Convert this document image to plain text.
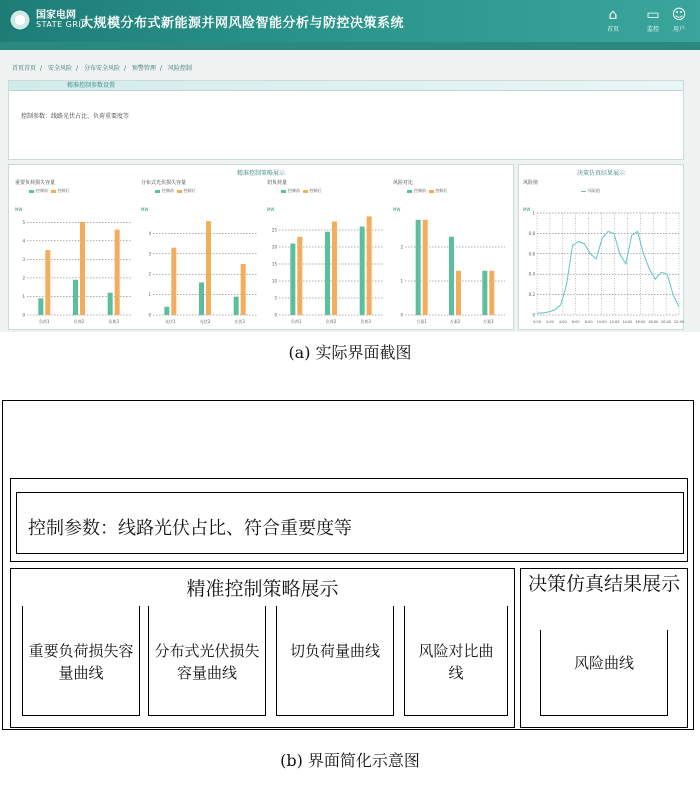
国家电网
STATE GRID
大规模分布式新能源并网风险智能分析与防控决策系统
⌂
首页
▭
监控
☺
用户
首页首页 / 安全风险 / 分布安全风险 / 预警管理 / 风险控制
精准控制参数设置
控制参数：线路光伏占比、负荷重要度等
精准控制策略展示
重要负荷损失容量
控制前 控制后
MW
0
1
2
3
4
5
负荷1	负荷2	负荷3
分布式光伏损失容量
控制前 控制后
MW
0
1
2
3
4
光伏1	光伏2	光伏3
切负荷量
控制前 控制后
MW
0
5
10
15
20
25
负荷1	负荷2	负荷3
风险对比
控制前 控制后
MW
0
1
2
方案1	方案2	方案3
决策仿真结果展示
风险值
风险值
MW
0
0.2
0.4
0.6
0.8
1
0:00 2:00 4:00 6:00 8:00 10:00 12:00 14:00 16:00 18:00 20:00 22:00
(a) 实际界面截图
控制参数：线路光伏占比、符合重要度等
精准控制策略展示
重要负荷损失容量曲线
分布式光伏损失容量曲线
切负荷量曲线	风险对比曲线
决策仿真结果展示
风险曲线
(b) 界面简化示意图
